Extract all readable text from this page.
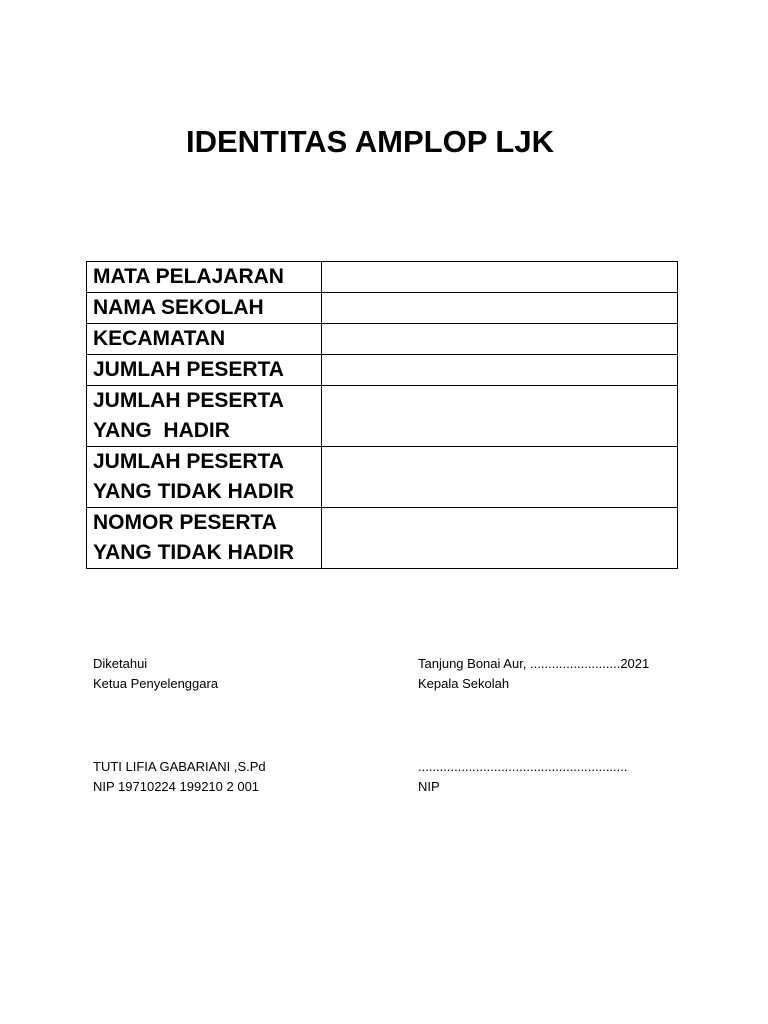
IDENTITAS AMPLOP LJK
MATA PELAJARAN	

NAMA SEKOLAH	

KECAMATAN	

JUMLAH PESERTA	

JUMLAH PESERTA
YANG  HADIR	

JUMLAH PESERTA
YANG TIDAK HADIR	

NOMOR PESERTA
YANG TIDAK HADIR	

Diketahui
Ketua Penyelenggara
TUTI LIFIA GABARIANI ,S.Pd
NIP 19710224 199210 2 001
Tanjung Bonai Aur, .........................2021
Kepala Sekolah
..........................................................
NIP
